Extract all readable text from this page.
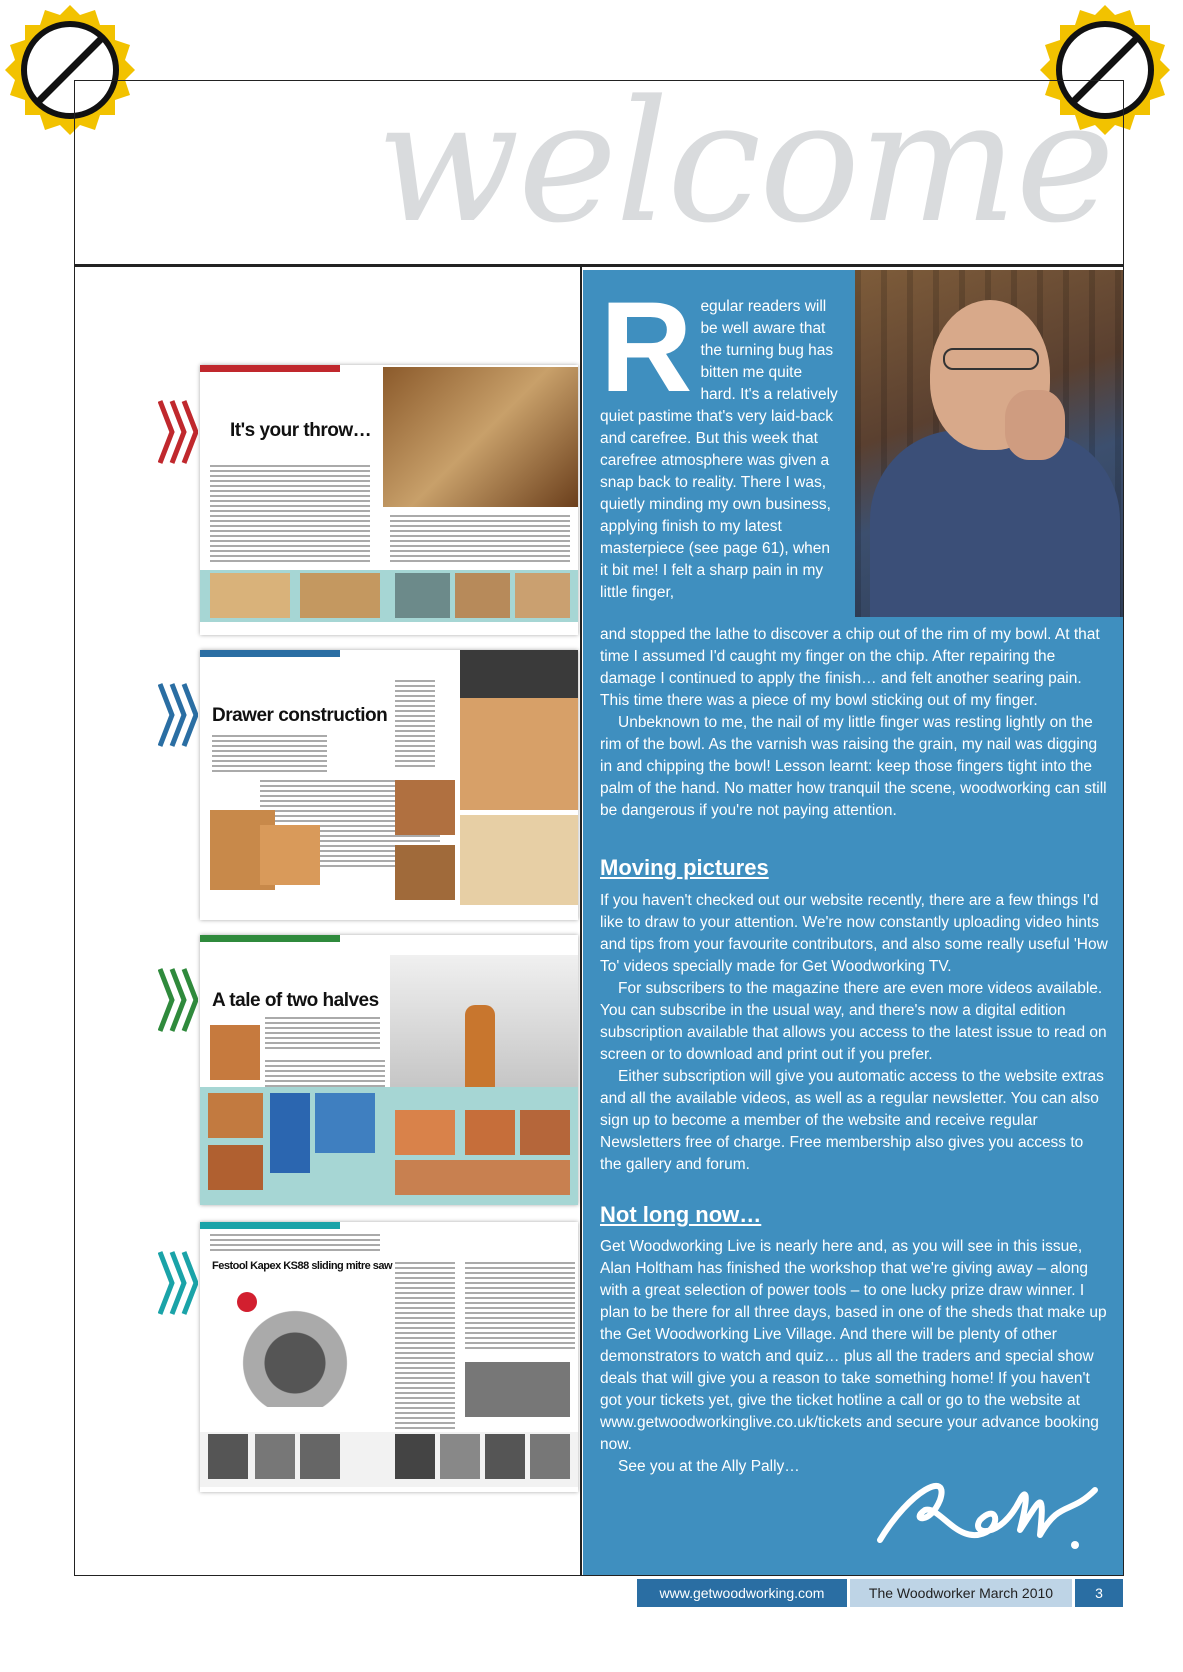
welcome
Regular readers will be well aware that the turning bug has bitten me quite hard. It's a relatively quiet pastime that's very laid-back and carefree. But this week that carefree atmosphere was given a snap back to reality. There I was, quietly minding my own business, applying finish to my latest masterpiece (see page 61), when it bit me! I felt a sharp pain in my little finger,

and stopped the lathe to discover a chip out of the rim of my bowl. At that time I assumed I'd caught my finger on the chip. After repairing the damage I continued to apply the finish… and felt another searing pain. This time there was a piece of my bowl sticking out of my finger.

Unbeknown to me, the nail of my little finger was resting lightly on the rim of the bowl. As the varnish was raising the grain, my nail was digging in and chipping the bowl! Lesson learnt: keep those fingers tight into the palm of the hand. No matter how tranquil the scene, woodworking can still be dangerous if you're not paying attention.

Moving pictures

If you haven't checked out our website recently, there are a few things I'd like to draw to your attention. We're now constantly uploading video hints and tips from your favourite contributors, and also some really useful 'How To' videos specially made for Get Woodworking TV.

For subscribers to the magazine there are even more videos available. You can subscribe in the usual way, and there's now a digital edition subscription available that allows you access to the latest issue to read on screen or to download and print out if you prefer.

Either subscription will give you automatic access to the website extras and all the available videos, as well as a regular newsletter. You can also sign up to become a member of the website and receive regular Newsletters free of charge. Free membership also gives you access to the gallery and forum.

Not long now…

Get Woodworking Live is nearly here and, as you will see in this issue, Alan Holtham has finished the workshop that we're giving away – along with a great selection of power tools – to one lucky prize draw winner. I plan to be there for all three days, based in one of the sheds that make up the Get Woodworking Live Village. And there will be plenty of other demonstrators to watch and quiz… plus all the traders and special show deals that will give you a reason to take something home! If you haven't got your tickets yet, give the ticket hotline a call or go to the website at www.getwoodworkinglive.co.uk/tickets and secure your advance booking now.

See you at the Ally Pally…

www.getwoodworking.com	The Woodworker March 2010	3
It's your throw…
Drawer construction
A tale of two halves
Festool Kapex KS88 sliding mitre saw
